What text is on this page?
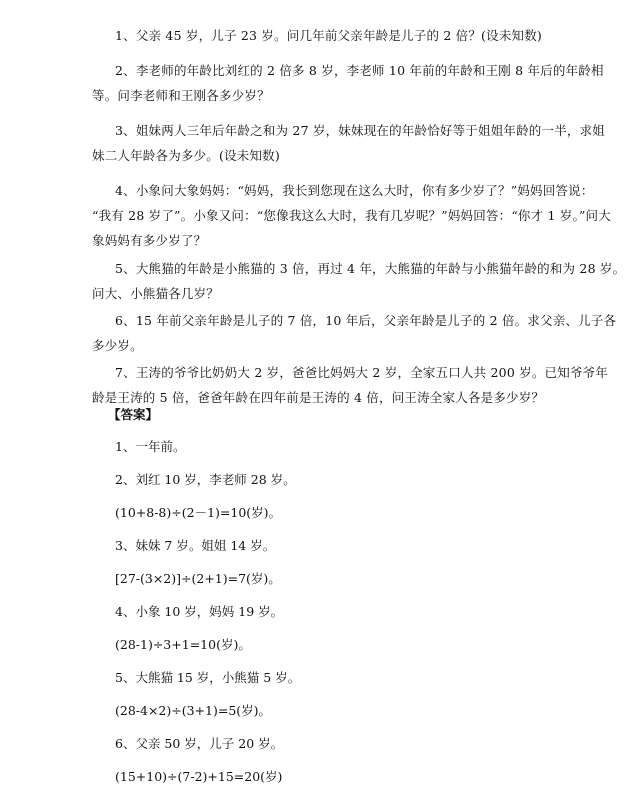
1、父亲 45 岁，儿子 23 岁。问几年前父亲年龄是儿子的 2 倍？(设未知数)
2、李老师的年龄比刘红的 2 倍多 8 岁，李老师 10 年前的年龄和王刚 8 年后的年龄相
等。问李老师和王刚各多少岁？
3、姐妹两人三年后年龄之和为 27 岁，妹妹现在的年龄恰好等于姐姐年龄的一半，求姐
妹二人年龄各为多少。(设未知数)
4、小象问大象妈妈：“妈妈，我长到您现在这么大时，你有多少岁了？”妈妈回答说：
“我有 28 岁了”。小象又问：“您像我这么大时，我有几岁呢？”妈妈回答：“你才 1 岁。”问大
象妈妈有多少岁了？
5、大熊猫的年龄是小熊猫的 3 倍，再过 4 年，大熊猫的年龄与小熊猫年龄的和为 28 岁。
问大、小熊猫各几岁？
6、15 年前父亲年龄是儿子的 7 倍，10 年后，父亲年龄是儿子的 2 倍。求父亲、儿子各
多少岁。
7、王涛的爷爷比奶奶大 2 岁，爸爸比妈妈大 2 岁，全家五口人共 200 岁。已知爷爷年
龄是王涛的 5 倍，爸爸年龄在四年前是王涛的 4 倍，问王涛全家人各是多少岁？
【答案】
1、一年前。
2、刘红 10 岁，李老师 28 岁。
(10+8-8)÷(2－1)=10(岁)。
3、妹妹 7 岁。姐姐 14 岁。
[27-(3×2)]÷(2+1)=7(岁)。
4、小象 10 岁，妈妈 19 岁。
(28-1)÷3+1=10(岁)。
5、大熊猫 15 岁，小熊猫 5 岁。
(28-4×2)÷(3+1)=5(岁)。
6、父亲 50 岁，儿子 20 岁。
(15+10)÷(7-2)+15=20(岁)
